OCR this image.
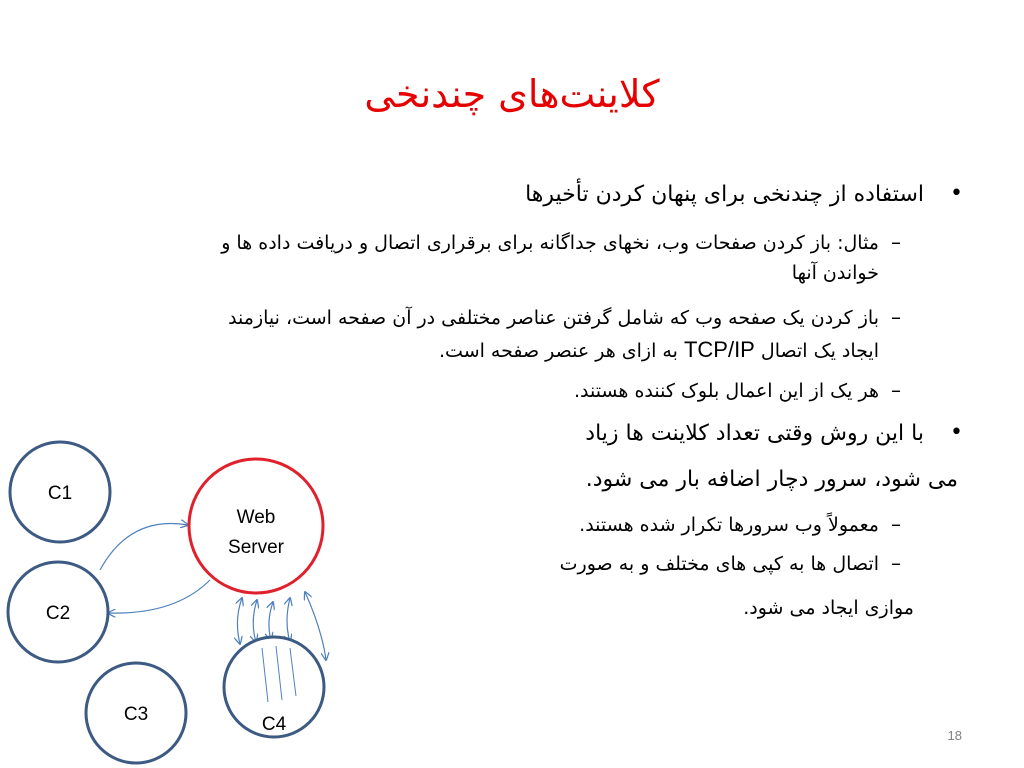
کلاینت‌های چندنخی
•
استفاده از چندنخی برای پنهان کردن تأخیرها
–
مثال: باز کردن صفحات وب، نخهای جداگانه برای برقراری اتصال و دریافت داده ها و
خواندن آنها
–
باز کردن یک صفحه وب که شامل گرفتن عناصر مختلفی در آن صفحه است، نیازمند
ایجاد یک اتصال TCP/IP به ازای هر عنصر صفحه است.
–
هر یک از این اعمال بلوک کننده هستند.
•
با این روش وقتی تعداد کلاینت ها زیاد
می شود، سرور دچار اضافه بار می شود.
–
معمولاً وب سرورها تکرار شده هستند.
–
اتصال ها به کپی های مختلف و به صورت
موازی ایجاد می شود.
C1
C2
C3	C4
Web
Server
18
